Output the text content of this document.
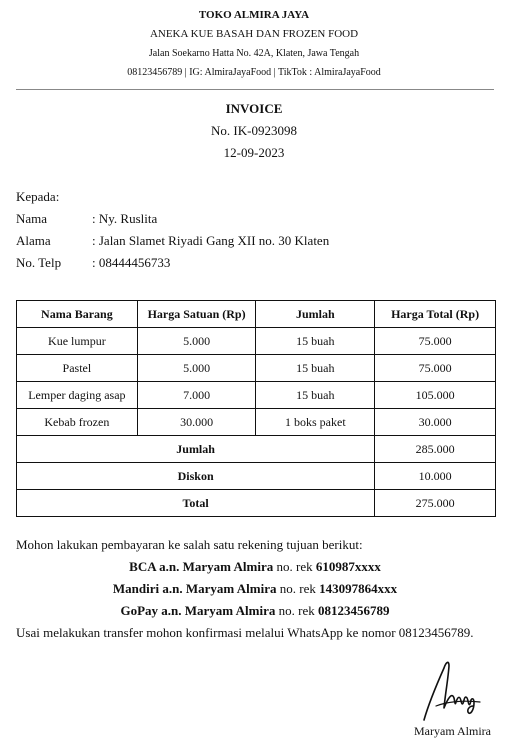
TOKO ALMIRA JAYA
ANEKA KUE BASAH DAN FROZEN FOOD
Jalan Soekarno Hatta No. 42A, Klaten, Jawa Tengah
08123456789 | IG: AlmiraJayaFood | TikTok : AlmiraJayaFood
INVOICE
No. IK-0923098
12-09-2023
Kepada:
Nama	: Ny. Ruslita
Alama	: Jalan Slamet Riyadi Gang XII no. 30 Klaten
No. Telp	: 08444456733
Nama Barang	Harga Satuan (Rp)	Jumlah	Harga Total (Rp)
Kue lumpur	5.000	15 buah	75.000
Pastel	5.000	15 buah	75.000
Lemper daging asap	7.000	15 buah	105.000
Kebab frozen	30.000	1 boks paket	30.000
Jumlah			285.000
Diskon			10.000
Total			275.000
Mohon lakukan pembayaran ke salah satu rekening tujuan berikut:
BCA a.n. Maryam Almira no. rek 610987xxxx
Mandiri a.n. Maryam Almira no. rek 143097864xxx
GoPay a.n. Maryam Almira no. rek 08123456789
Usai melakukan transfer mohon konfirmasi melalui WhatsApp ke nomor 08123456789.
Maryam Almira
